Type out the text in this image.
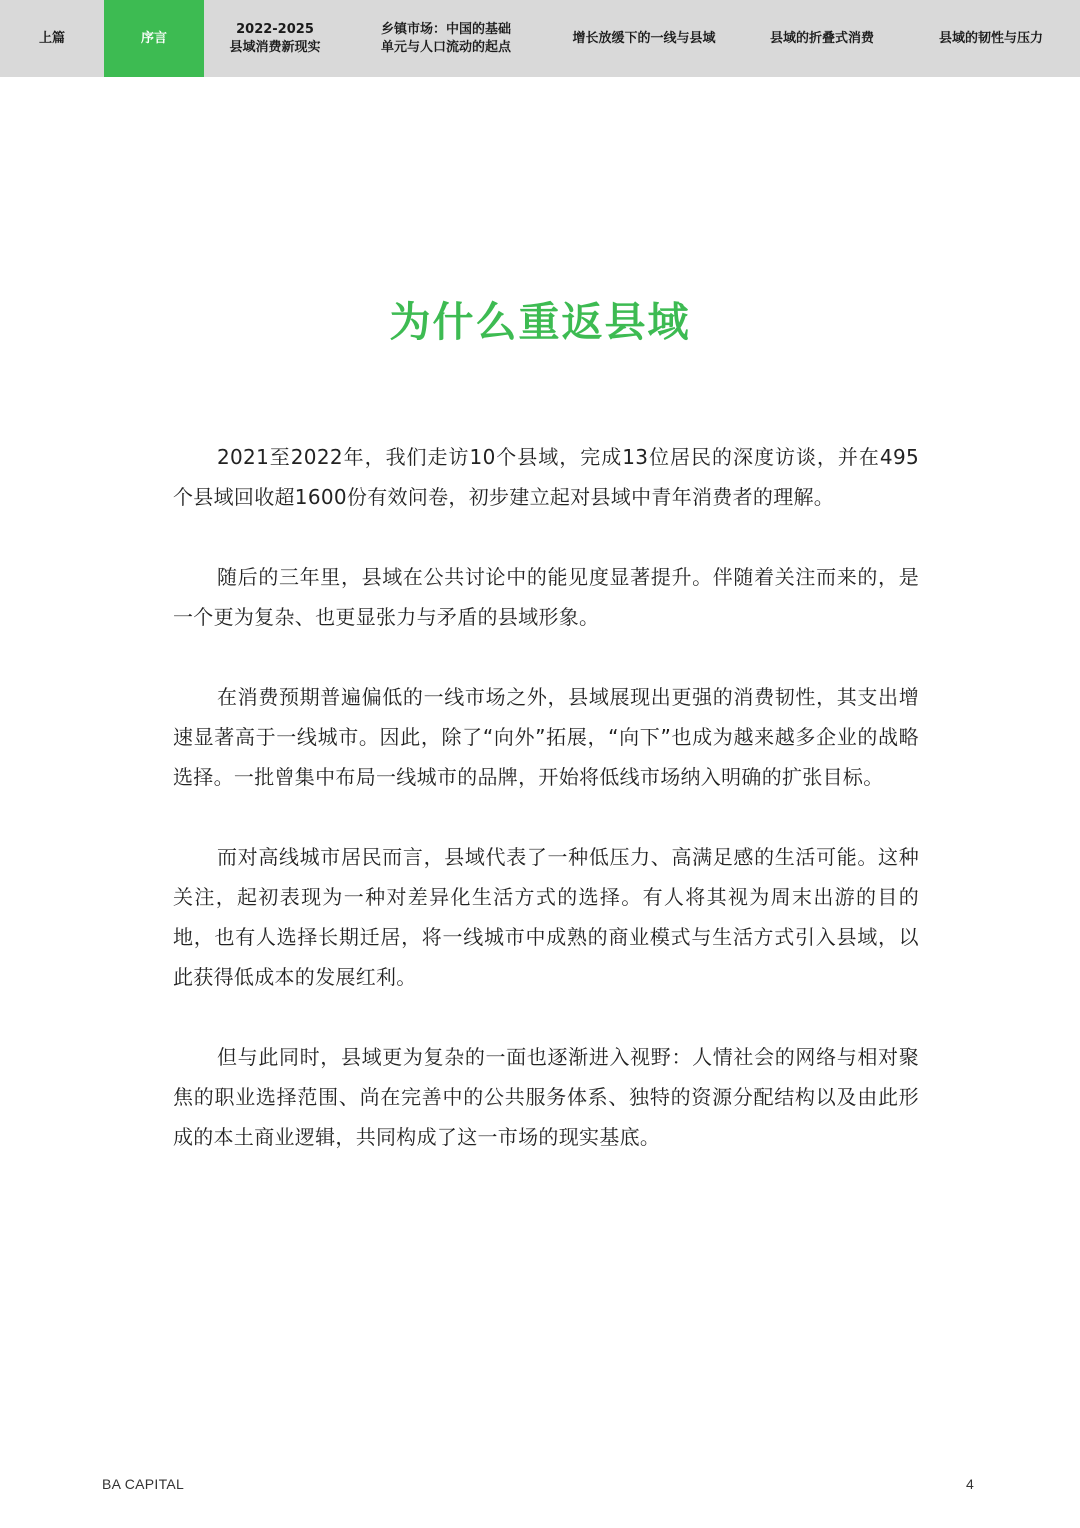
上篇	序言
2022-2025
县域消费新现实
乡镇市场：中国的基础
单元与人口流动的起点
增长放缓下的一线与县域	县域的折叠式消费	县域的韧性与压力
为什么重返县域

2021至2022年，我们走访10个县域，完成13位居民的深度访谈，并在495个县域回收超1600份有效问卷，初步建立起对县域中青年消费者的理解。

随后的三年里，县域在公共讨论中的能见度显著提升。伴随着关注而来的，是一个更为复杂、也更显张力与矛盾的县域形象。

在消费预期普遍偏低的一线市场之外，县域展现出更强的消费韧性，其支出增速显著高于一线城市。因此，除了“向外”拓展，“向下”也成为越来越多企业的战略选择。一批曾集中布局一线城市的品牌，开始将低线市场纳入明确的扩张目标。

而对高线城市居民而言，县域代表了一种低压力、高满足感的生活可能。这种关注，起初表现为一种对差异化生活方式的选择。有人将其视为周末出游的目的地，也有人选择长期迁居，将一线城市中成熟的商业模式与生活方式引入县域，以此获得低成本的发展红利。

但与此同时，县域更为复杂的一面也逐渐进入视野：人情社会的网络与相对聚焦的职业选择范围、尚在完善中的公共服务体系、独特的资源分配结构以及由此形成的本土商业逻辑，共同构成了这一市场的现实基底。

BA CAPITAL	4
